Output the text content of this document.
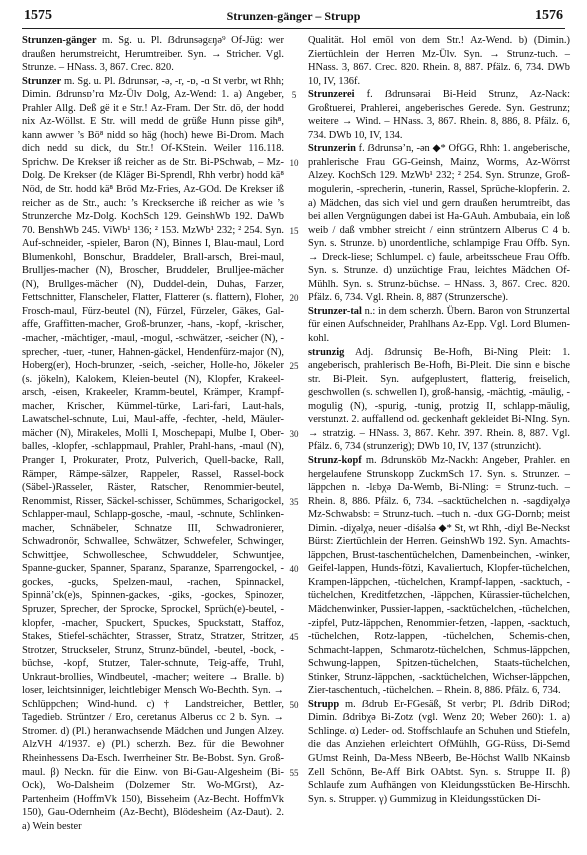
1575	Strunzen-gänger – Strupp	1576

Strunzen-gänger m. Sg. u. Pl. ẞdrunsəgɛŋə⁹ Of-Jüg: wer draußen herumstreicht, Herumtreiber. Syn. → Stricher. Vgl. Strunze. – HNass. 3, 867. Crec. 820.

Strunzer m. Sg. u. Pl. ẞdrunsər, -ə, -r, -ɒ, -ɑ St verbr, wt Rhh; Dimin. ẞdrunsɒ’rɑ Mz-Ülv Dolg, Az-Wend: 1. a) Angeber, Prahler Allg. Deß gë it e Str.! Az-Fram. Der Str. dö, der hodd nix Az-Wöllst. E Str. will medd de grüße Hunn pisse gih⁸, kann awwer ’s Bö⁸ nidd so häg (hoch) hewe Bi-Drom. Mach dich nedd su dick, du Str.! Of-KStein. Weiler 116.118. Sprichw. De Krekser iß reicher as de Str. Bi-PSchwab, – Mz-Dolg. De Krekser (de Kläger Bi-Sprendl, Rhh verbr) hodd kä⁸ Nöd, de Str. hodd kä⁸ Bröd Mz-Fries, Az-GOd. De Krekser iß reicher as de Str., auch: ’s Kreckserche iß reicher as wie ’s Strunzerche Mz-Dolg. KochSch 129. GeinshWb 192. DaWb 70. BenshWb 245. ViWb¹ 136; ² 153. MzWb¹ 232; ² 254. Syn. Auf-schneider, -spieler, Baron (N), Binnes I, Blau-maul, Lord Blumenkohl, Bonschur, Braddeler, Brall-arsch, Brei-maul, Brulljes-macher (N), Broscher, Bruddeler, Brulljee-mächer (N), Brullges-mächer (N), Duddel-dein, Duhas, Farzer, Fettschnitter, Flanscheler, Flatter, Flatterer (s. flattern), Floher, Frosch-maul, Fürz-beutel (N), Fürzel, Fürzeler, Gäkes, Gal-affe, Graffitten-macher, Groß-brunzer, -hans, -kopf, -krischer, -macher, -mächtiger, -maul, -mogul, -schwätzer, -seicher (N), -sprecher, -tuer, -tuner, Hahnen-gäckel, Hendenfürz-major (N), Hoberg(er), Hoch-brunzer, -seich, -seicher, Holle-ho, Jökeler (s. jökeln), Kalokem, Kleien-beutel (N), Klopfer, Krakeel-arsch, -eisen, Krakeeler, Kramm-beutel, Krämper, Krampf-macher, Krischer, Kümmel-türke, Lari-fari, Laut-hals, Lawatschel-schnute, Lui, Maul-affe, -fechter, -held, Mäuler-mächer (N), Mirakeles, Molli I, Moschepapi, Mulbe I, Ober-balles, -klopfer, -schlappmaul, Prahler, Prahl-hans, -maul (N), Pranger I, Prokurater, Protz, Pulverich, Quell-backe, Rall, Rämper, Rämpe-sälzer, Rappeler, Rassel, Rassel-bock (Säbel-)Rasseler, Räster, Ratscher, Renommier-beutel, Renommist, Risser, Säckel-schisser, Schümmes, Scharigockel, Schlapper-maul, Schlapp-gosche, -maul, -schnute, Schlinken-macher, Schnäbeler, Schnatze III, Schwadronierer, Schwadronör, Schwallee, Schwätzer, Schwefeler, Schwinger, Schwittjee, Schwolleschee, Schwuddeler, Schwuntjee, Spanne-gucker, Spanner, Sparanz, Sparanze, Sparrengockel, -gockes, -gucks, Spelzen-maul, -rachen, Spinnackel, Spinnä’ck(e)s, Spinnen-gackes, -giks, -gockes, Spinozer, Spruzer, Sprecher, der Sprocke, Sprockel, Sprüch(e)-beutel, -klopfer, -macher, Spuckert, Spuckes, Spuckstatt, Staffoz, Stakes, Stiefel-schächter, Strasser, Stratz, Stratzer, Stritzer, Strotzer, Struckseler, Strunz, Strunz-bündel, -beutel, -bock, -büchse, -kopf, Stutzer, Taler-schnute, Teig-affe, Truhl, Unkraut-brollies, Windbeutel, -macher; weitere → Bralle. b) loser, leichtsinniger, leichtlebiger Mensch Wo-Bechth. Syn. → Schlüppchen; Wind-hund. c) † Landstreicher, Bettler, Tagedieb. Strüntzer / Ero, ceretanus Alberus cc 2 b. Syn. → Stromer. d) (Pl.) heranwachsende Mädchen und Jungen Alzey. AlzVH 4/1937. e) (Pl.) scherzh. Bez. für die Bewohner Rheinhessens Da-Esch. Iwerrheiner Str. Be-Bobst. Syn. Groß-maul. β) Neckn. für die Einw. von Bi-Gau-Algesheim (Bi-Ock), Wo-Dalsheim (Dolzemer Str. Wo-MGrst), Az-Partenheim (HoffmVk 150), Bisseheim (Az-Becht. HoffmVk 150), Gau-Odernheim (Az-Becht), Blödesheim (Az-Daut). 2. a) Wein bester

5
10
15
20
25
30
35
40
45
50
55

Qualität. Hol emöl von dem Str.! Az-Wend. b) (Dimin.) Ziertüchlein der Herren Mz-Ülv. Syn. → Strunz-tuch. – HNass. 3, 867. Crec. 820. Rhein. 8, 887. Pfälz. 6, 734. DWb 10, IV, 136f.

Strunzerei f. ẞdrunsərai Bi-Heid Strunz, Az-Nack: Großtuerei, Prahlerei, angeberisches Gerede. Syn. Gestrunz; weitere → Wind. – HNass. 3, 867. Rhein. 8, 886, 8. Pfälz. 6, 734. DWb 10, IV, 134.

Strunzerin f. ẞdrunsə’n, -ən ◆* OfGG, Rhh: 1. angeberische, prahlerische Frau GG-Geinsh, Mainz, Worms, Az-Wörrst Alzey. KochSch 129. MzWb¹ 232; ² 254. Syn. Strunze, Groß-mogulerin, -sprecherin, -tunerin, Rassel, Sprüche-klopferin. 2. a) Mädchen, das sich viel und gern draußen herumtreibt, das bei allen Vergnügungen dabei ist Ha-GAuh. Ambubaia, ein loß weib / daß vmbher streicht / einn strüntzern Alberus C 4 b. Syn. s. Strunze. b) unordentliche, schlampige Frau Offb. Syn. → Dreck-liese; Schlumpel. c) faule, arbeitsscheue Frau Offb. Syn. s. Strunze. d) unzüchtige Frau, leichtes Mädchen Of-Mühlh. Syn. s. Strunz-büchse. – HNass. 3, 867. Crec. 820. Pfälz. 6, 734. Vgl. Rhein. 8, 887 (Strunzersche).

Strunzer-tal n.: in dem scherzh. Übern. Baron von Strunzertal für einen Aufschneider, Prahlhans Az-Epp. Vgl. Lord Blumen-kohl.

strunzig Adj. ẞdrunsiç Be-Hofh, Bi-Ning Pleit: 1. angeberisch, prahlerisch Be-Hofh, Bi-Pleit. Die sinn e bische str. Bi-Pleit. Syn. aufgeplustert, flatterig, freiselich, geschwollen (s. schwellen I), groß-hansig, -mächtig, -mäulig, -mogulig (N), -spurig, -tunig, protzig II, schlapp-mäulig, verstunzt. 2. auffallend od. geckenhaft gekleidet Bi-NIng. Syn. → stratzig. – HNass. 3, 867. Kehr. 397. Rhein. 8, 887. Vgl. Pfälz. 6, 734 (strunzerig); DWb 10, IV, 137 (strunzicht).

Strunz-kopf m. ẞdrunsköb Mz-Nackh: Angeber, Prahler. en hergelaufene Strunskopp ZuckmSch 17. Syn. s. Strunzer. –läppchen n. -lɛbχə Da-Wemb, Bi-Nling: = Strunz-tuch. – Rhein. 8, 886. Pfälz. 6, 734. –sacktüchelchen n. -sagdiχəlχə Mz-Schwabsb: = Strunz-tuch. –tuch n. -dux GG-Dornb; meist Dimin. -diχəlχə, neuer -diśəlśə ◆* St, wt Rhh, -diχl Be-Neckst Bürst: Ziertüchlein der Herren. GeinshWb 192. Syn. Amachts-läppchen, Brust-taschentüchelchen, Damenbeinchen, -winker, Geifel-lappen, Hunds-fötzi, Kavaliertuch, Klopfer-tüchelchen, Krampen-läppchen, -tüchelchen, Krampf-lappen, -sacktuch, -tüchelchen, Kreditfetzchen, -läppchen, Kürassier-tüchelchen, Mädchenwinker, Pussier-lappen, -sacktüchelchen, -tüchelchen, -zipfel, Putz-läppchen, Renommier-fetzen, -lappen, -sacktuch, -tüchelchen, Rotz-lappen, -tüchelchen, Schemis-chen, Schmacht-lappen, Schmarotz-tüchelchen, Schmus-läppchen, Schwung-lappen, Spitzen-tüchelchen, Staats-tüchelchen, Stinker, Strunz-läppchen, -sacktüchelchen, Wichser-läppchen, Zier-taschentuch, -tüchelchen. – Rhein. 8, 886. Pfälz. 6, 734.

Strupp m. ẞdrub Er-FGesäß, St verbr; Pl. ẞdrib DiRod; Dimin. ẞdribχə Bi-Zotz (vgl. Wenz 20; Weber 260): 1. a) Schlinge. α) Leder- od. Stoffschlaufe an Schuhen und Stiefeln, die das Anziehen erleichtert OfMühlh, GG-Rüss, Di-Semd GUmst Reinh, Da-Mess NBeerb, Be-Höchst Wallb NKainsb Zell Schönn, Be-Aff Birk OAbtst. Syn. s. Struppe II. β) Schlaufe zum Aufhängen von Kleidungsstücken Be-Hirschh. Syn. s. Strupper. γ) Gummizug in Kleidungsstücken Di-
